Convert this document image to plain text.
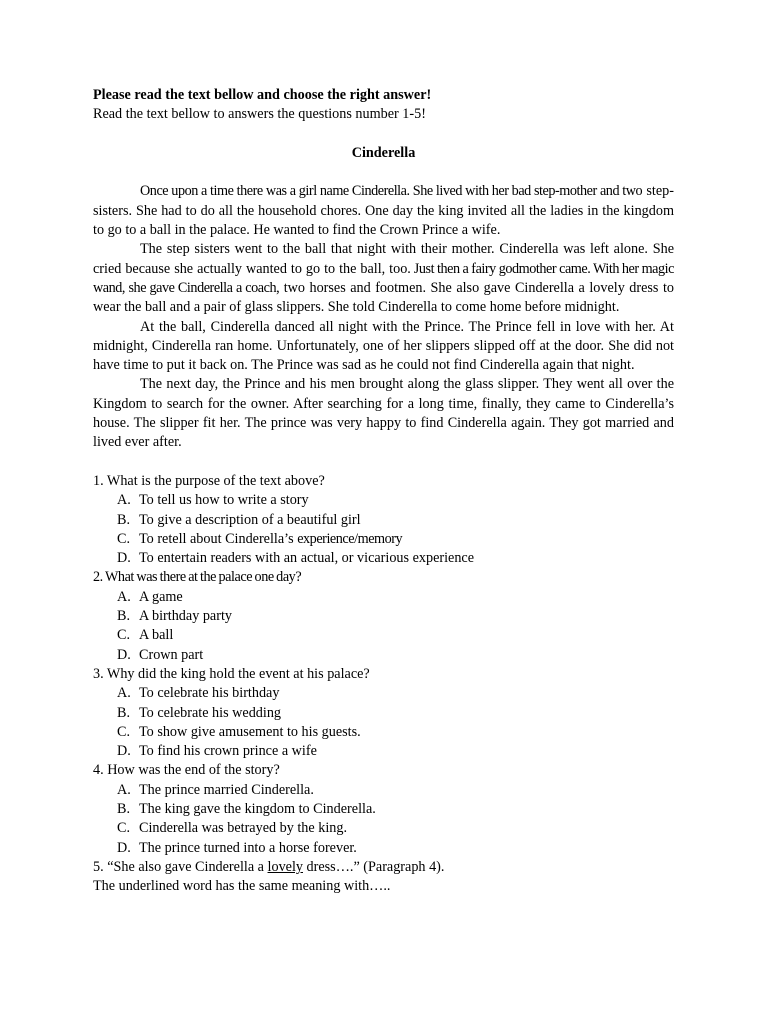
Please read the text bellow and choose the right answer!

Read the text bellow to answers the questions number 1-5!

Cinderella

Once upon a time there was a girl name Cinderella. She lived with her bad step-mother and two step-sisters. She had to do all the household chores. One day the king invited all the ladies in the kingdom to go to a ball in the palace. He wanted to find the Crown Prince a wife.

The step sisters went to the ball that night with their mother. Cinderella was left alone. She cried because she actually wanted to go to the ball, too. Just then a fairy godmother came. With her magic wand, she gave Cinderella a coach, two horses and footmen. She also gave Cinderella a lovely dress to wear the ball and a pair of glass slippers. She told Cinderella to come home before midnight.

At the ball, Cinderella danced all night with the Prince. The Prince fell in love with her. At midnight, Cinderella ran home. Unfortunately, one of her slippers slipped off at the door. She did not have time to put it back on. The Prince was sad as he could not find Cinderella again that night.

The next day, the Prince and his men brought along the glass slipper. They went all over the Kingdom to search for the owner. After searching for a long time, finally, they came to Cinderella’s house. The slipper fit her. The prince was very happy to find Cinderella again. They got married and lived ever after.

1. What is the purpose of the text above?

A. To tell us how to write a story
B. To give a description of a beautiful girl
C. To retell about Cinderella’s experience/memory
D. To entertain readers with an actual, or vicarious experience

2. What was there at the palace one day?

A. A game
B. A birthday party
C. A ball
D. Crown part

3. Why did the king hold the event at his palace?

A. To celebrate his birthday
B. To celebrate his wedding
C. To show give amusement to his guests.
D. To find his crown prince a wife

4. How was the end of the story?

A. The prince married Cinderella.
B. The king gave the kingdom to Cinderella.
C. Cinderella was betrayed by the king.
D. The prince turned into a horse forever.

5. “She also gave Cinderella a lovely dress….” (Paragraph 4).

The underlined word has the same meaning with…..
